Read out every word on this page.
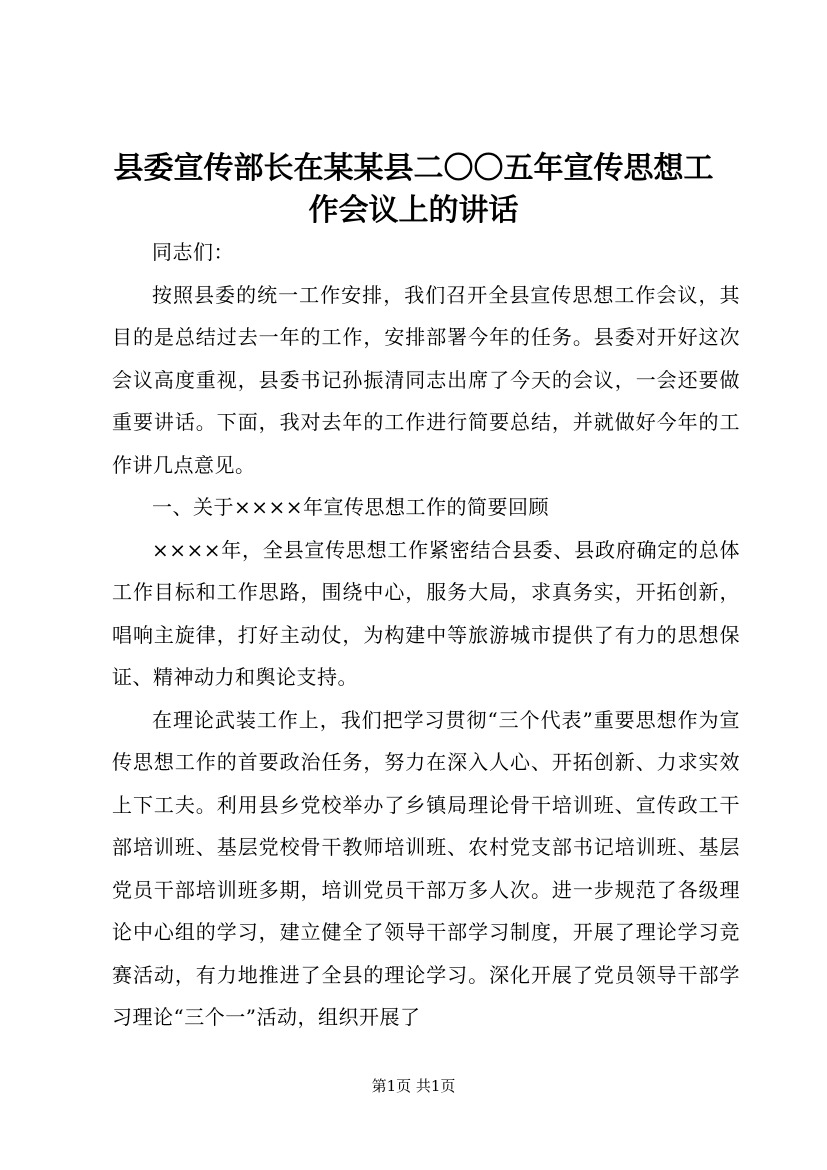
县委宣传部长在某某县二〇〇五年宣传思想工作会议上的讲话

同志们：

按照县委的统一工作安排，我们召开全县宣传思想工作会议，其目的是总结过去一年的工作，安排部署今年的任务。县委对开好这次会议高度重视，县委书记孙振清同志出席了今天的会议，一会还要做重要讲话。下面，我对去年的工作进行简要总结，并就做好今年的工作讲几点意见。

一、关于××××年宣传思想工作的简要回顾

××××年，全县宣传思想工作紧密结合县委、县政府确定的总体工作目标和工作思路，围绕中心，服务大局，求真务实，开拓创新，唱响主旋律，打好主动仗，为构建中等旅游城市提供了有力的思想保证、精神动力和舆论支持。

在理论武装工作上，我们把学习贯彻“三个代表”重要思想作为宣传思想工作的首要政治任务，努力在深入人心、开拓创新、力求实效上下工夫。利用县乡党校举办了乡镇局理论骨干培训班、宣传政工干部培训班、基层党校骨干教师培训班、农村党支部书记培训班、基层党员干部培训班多期，培训党员干部万多人次。进一步规范了各级理论中心组的学习，建立健全了领导干部学习制度，开展了理论学习竞赛活动，有力地推进了全县的理论学习。深化开展了党员领导干部学习理论“三个一”活动，组织开展了

第1页 共1页
